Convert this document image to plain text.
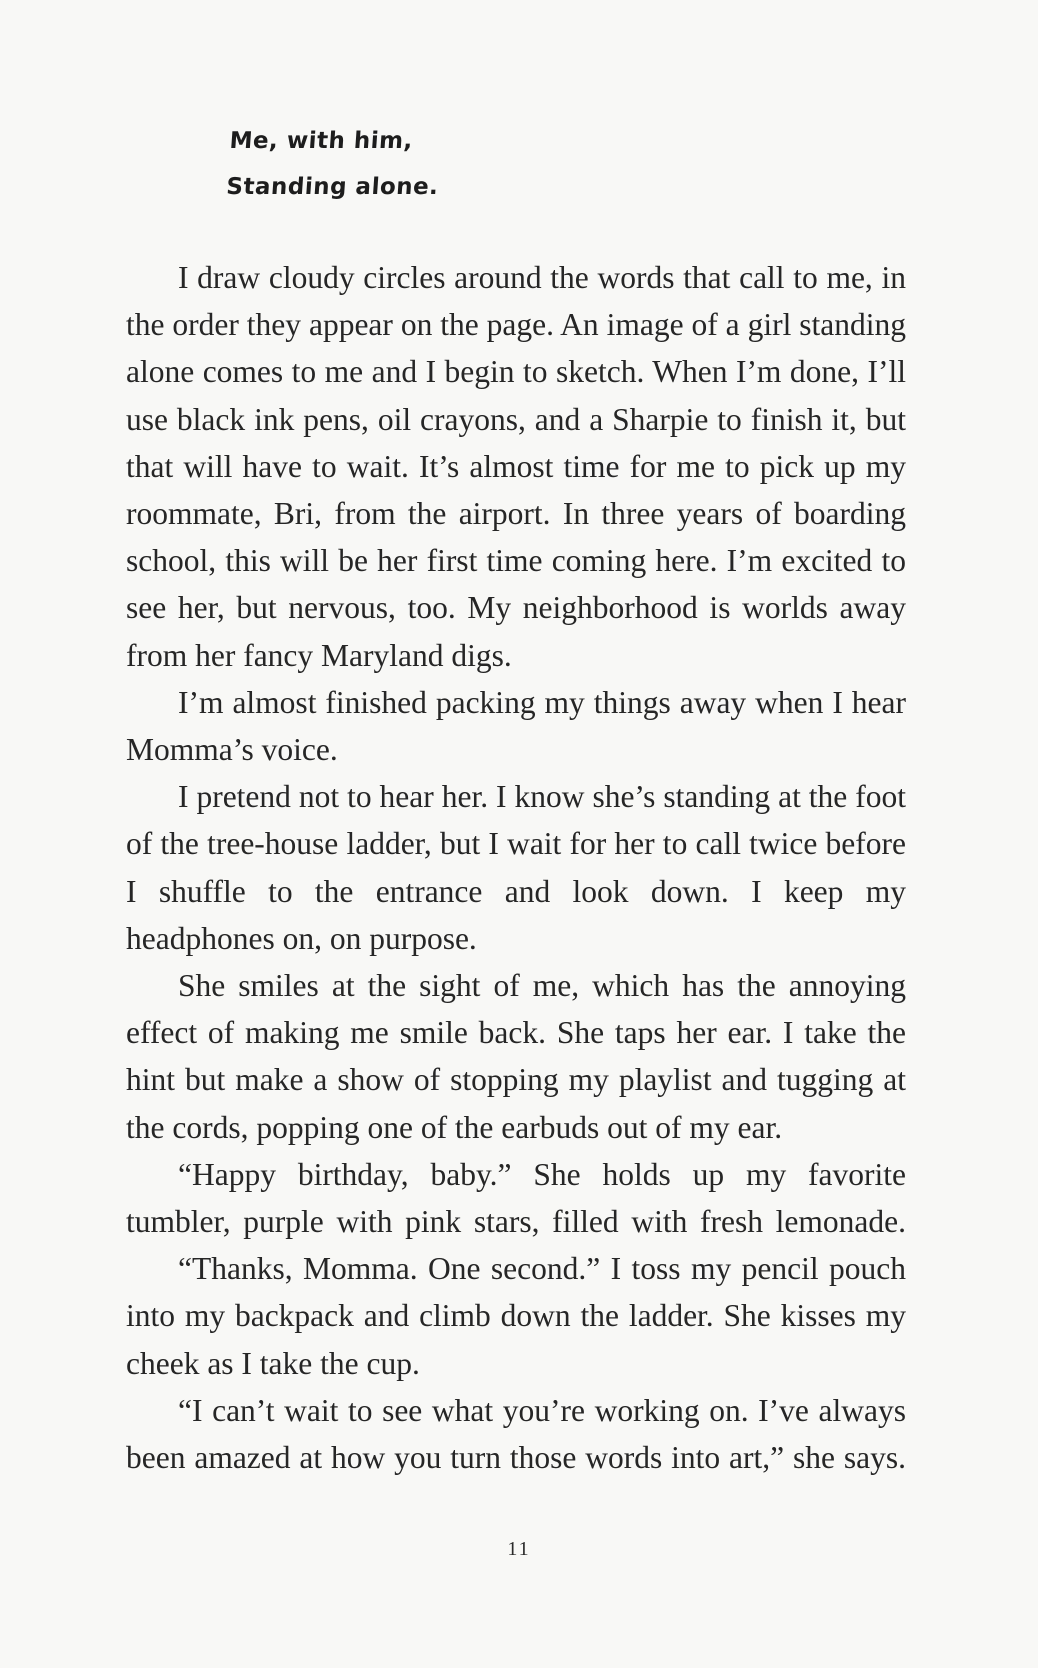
Me, with him,
Standing alone.

I draw cloudy circles around the words that call to me, in the order they appear on the page. An image of a girl standing alone comes to me and I begin to sketch. When I’m done, I’ll use black ink pens, oil crayons, and a Sharpie to finish it, but that will have to wait. It’s almost time for me to pick up my roommate, Bri, from the airport. In three years of boarding school, this will be her first time coming here. I’m excited to see her, but nervous, too. My neighborhood is worlds away from her fancy Maryland digs.

I’m almost finished packing my things away when I hear Momma’s voice.

I pretend not to hear her. I know she’s standing at the foot of the tree-house ladder, but I wait for her to call twice before I shuffle to the entrance and look down. I keep my headphones on, on purpose.

She smiles at the sight of me, which has the annoying effect of making me smile back. She taps her ear. I take the hint but make a show of stopping my playlist and tugging at the cords, popping one of the earbuds out of my ear.

“Happy birthday, baby.” She holds up my favorite tumbler, purple with pink stars, filled with fresh lemonade.

“Thanks, Momma. One second.” I toss my pencil pouch into my backpack and climb down the ladder. She kisses my cheek as I take the cup.

“I can’t wait to see what you’re working on. I’ve always been amazed at how you turn those words into art,” she says.

11
